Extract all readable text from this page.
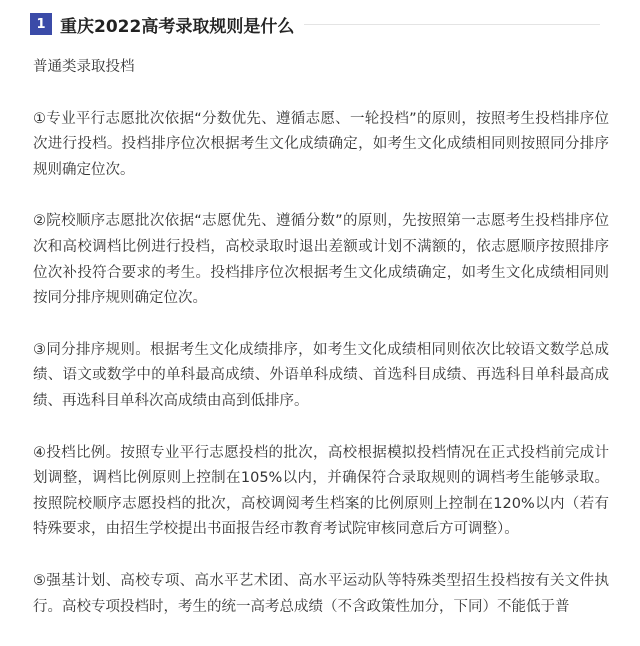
1 重庆2022高考录取规则是什么

普通类录取投档

①专业平行志愿批次依据“分数优先、遵循志愿、一轮投档”的原则，按照考生投档排序位次进行投档。投档排序位次根据考生文化成绩确定，如考生文化成绩相同则按照同分排序规则确定位次。

②院校顺序志愿批次依据“志愿优先、遵循分数”的原则，先按照第一志愿考生投档排序位次和高校调档比例进行投档，高校录取时退出差额或计划不满额的，依志愿顺序按照排序位次补投符合要求的考生。投档排序位次根据考生文化成绩确定，如考生文化成绩相同则按同分排序规则确定位次。

③同分排序规则。根据考生文化成绩排序，如考生文化成绩相同则依次比较语文数学总成绩、语文或数学中的单科最高成绩、外语单科成绩、首选科目成绩、再选科目单科最高成绩、再选科目单科次高成绩由高到低排序。

④投档比例。按照专业平行志愿投档的批次，高校根据模拟投档情况在正式投档前完成计划调整，调档比例原则上控制在105%以内，并确保符合录取规则的调档考生能够录取。按照院校顺序志愿投档的批次，高校调阅考生档案的比例原则上控制在120%以内（若有特殊要求，由招生学校提出书面报告经市教育考试院审核同意后方可调整）。

⑤强基计划、高校专项、高水平艺术团、高水平运动队等特殊类型招生投档按有关文件执行。高校专项投档时，考生的统一高考总成绩（不含政策性加分，下同）不能低于普
